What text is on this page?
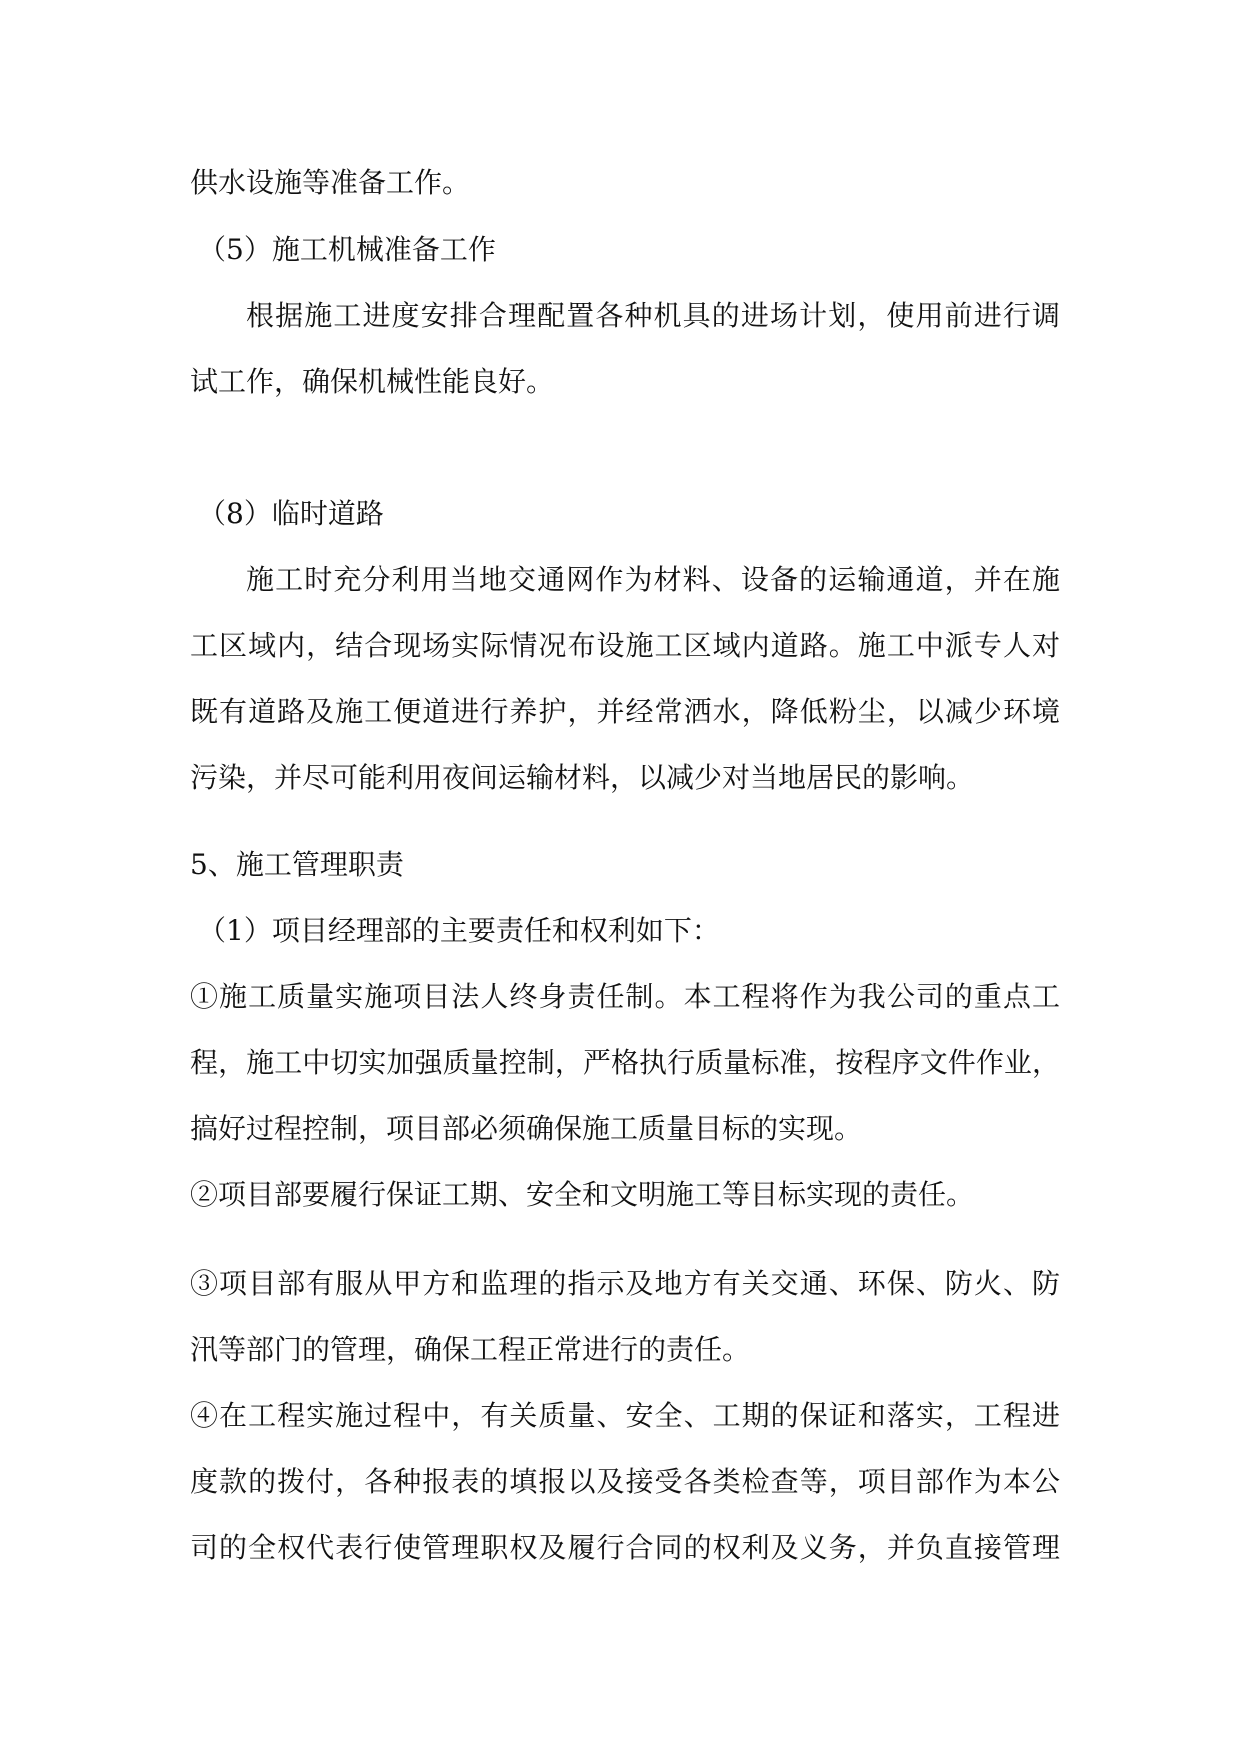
供水设施等准备工作。

（5）施工机械准备工作

根据施工进度安排合理配置各种机具的进场计划，使用前进行调

试工作，确保机械性能良好。

（8）临时道路

施工时充分利用当地交通网作为材料、设备的运输通道，并在施

工区域内，结合现场实际情况布设施工区域内道路。施工中派专人对

既有道路及施工便道进行养护，并经常洒水，降低粉尘，以减少环境

污染，并尽可能利用夜间运输材料，以减少对当地居民的影响。

5、施工管理职责

（1）项目经理部的主要责任和权利如下：

①施工质量实施项目法人终身责任制。本工程将作为我公司的重点工

程，施工中切实加强质量控制，严格执行质量标准，按程序文件作业，

搞好过程控制，项目部必须确保施工质量目标的实现。

②项目部要履行保证工期、安全和文明施工等目标实现的责任。

③项目部有服从甲方和监理的指示及地方有关交通、环保、防火、防

汛等部门的管理，确保工程正常进行的责任。

④在工程实施过程中，有关质量、安全、工期的保证和落实，工程进

度款的拨付，各种报表的填报以及接受各类检查等，项目部作为本公

司的全权代表行使管理职权及履行合同的权利及义务，并负直接管理
